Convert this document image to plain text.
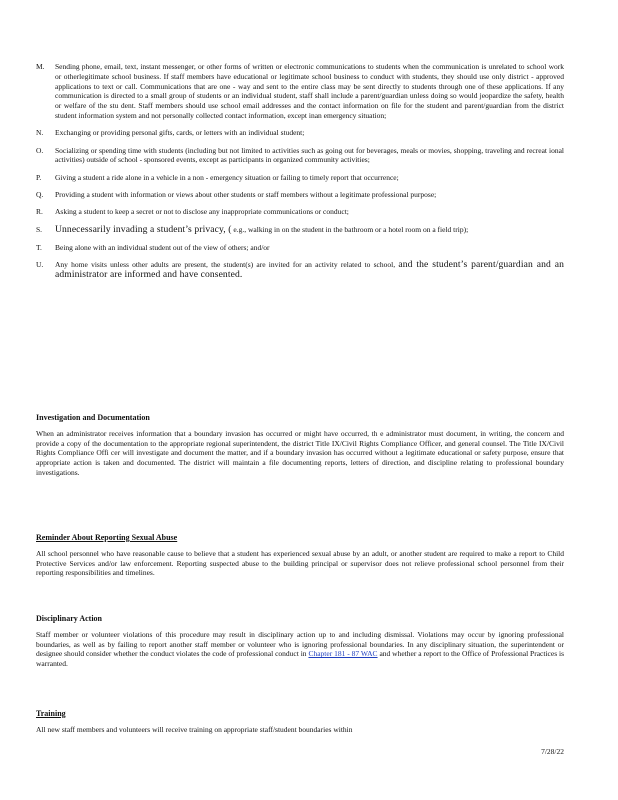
M.	Sending phone, email, text, instant messenger, or other forms of written or electronic communications to students when the communication is unrelated to school work or otherlegitimate school business. If staff members have educational or legitimate school business to conduct with students, they should use only district - approved applications to text or call. Communications that are one - way and sent to the entire class may be sent directly to students through one of these applications. If any communication is directed to a small group of students or an individual student, staff shall include a parent/guardian unless doing so would jeopardize the safety, health or welfare of the stu dent. Staff members should use school email addresses and the contact information on file for the student and parent/guardian from the district student information system and not personally collected contact information, except inan emergency situation;
N.	Exchanging or providing personal gifts, cards, or letters with an individual student;
O.	Socializing or spending time with students (including but not limited to activities such as going out for beverages, meals or movies, shopping, traveling and recreat ional activities) outside of school - sponsored events, except as participants in organized community activities;
P.	Giving a student a ride alone in a vehicle in a non - emergency situation or failing to timely report that occurrence;
Q.	Providing a student with information or views about other students or staff members without a legitimate professional purpose;
R.	Asking a student to keep a secret or not to disclose any inappropriate communications or conduct;
S.	Unnecessarily invading a student’s privacy, ( e.g., walking in on the student in the bathroom or a hotel room on a field trip);
T.	Being alone with an individual student out of the view of others; and/or
U.	Any home visits unless other adults are present, the student(s) are invited for an activity related to school, and the student’s parent/guardian and an administrator are informed and have consented.
Investigation and Documentation
When an administrator receives information that a boundary invasion has occurred or might have occurred, th e administrator must document, in writing, the concern and provide a copy of the documentation to the appropriate regional superintendent, the district Title IX/Civil Rights Compliance Officer, and general counsel. The Title IX/Civil Rights Compliance Offi cer will investigate and document the matter, and if a boundary invasion has occurred without a legitimate educational or safety purpose, ensure that appropriate action is taken and documented. The district will maintain a file documenting reports, letters of direction, and discipline relating to professional boundary investigations.
Reminder About Reporting Sexual Abuse
All school personnel who have reasonable cause to believe that a student has experienced sexual abuse by an adult, or another student are required to make a report to Child Protective Services and/or law enforcement. Reporting suspected abuse to the building principal or supervisor does not relieve professional school personnel from their reporting responsibilities and timelines.
Disciplinary Action
Staff member or volunteer violations of this procedure may result in disciplinary action up to and including dismissal. Violations may occur by ignoring professional boundaries, as well as by failing to report another staff member or volunteer who is ignoring professional boundaries. In any disciplinary situation, the superintendent or designee should consider whether the conduct violates the code of professional conduct in Chapter 181 - 87 WAC and whether a report to the Office of Professional Practices is warranted.
Training
All new staff members and volunteers will receive training on appropriate staff/student boundaries within
7/28/22
